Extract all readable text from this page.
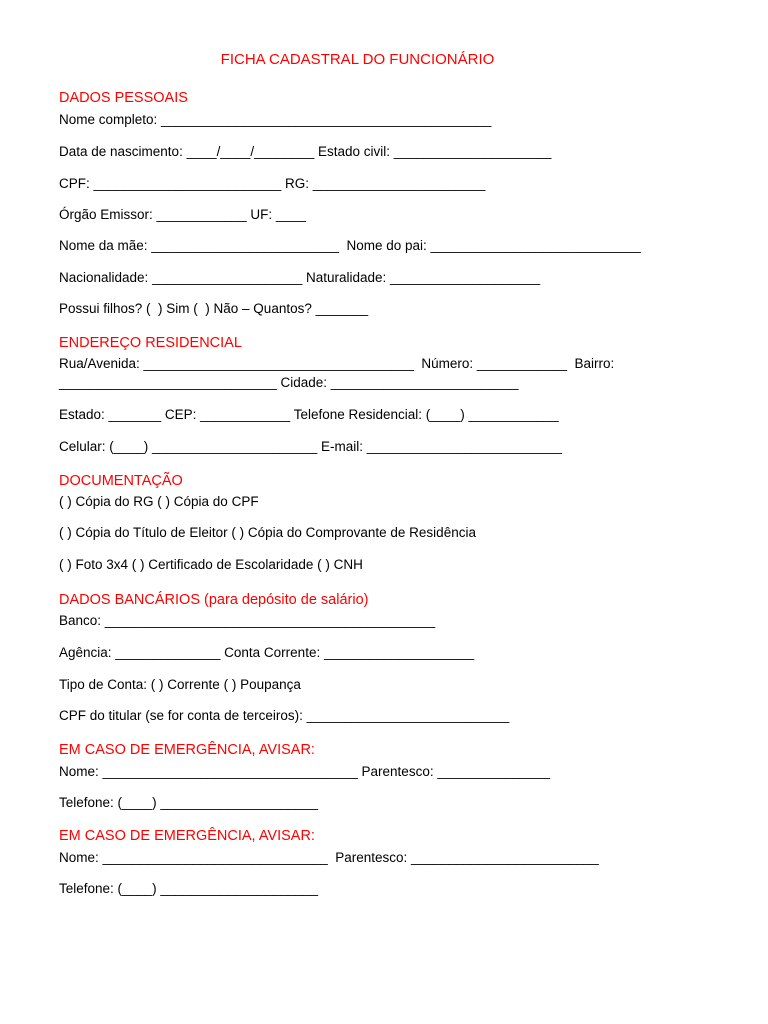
FICHA CADASTRAL DO FUNCIONÁRIO
DADOS PESSOAIS

Nome completo: ____________________________________________

Data de nascimento: ____/____/________ Estado civil: _____________________

CPF: _________________________ RG: _______________________

Órgão Emissor: ____________ UF: ____

Nome da mãe: _________________________  Nome do pai: ____________________________

Nacionalidade: ____________________ Naturalidade: ____________________

Possui filhos? (  ) Sim (  ) Não – Quantos? _______

ENDEREÇO RESIDENCIAL

Rua/Avenida: ____________________________________  Número: ____________  Bairro:

_____________________________ Cidade: _________________________

Estado: _______ CEP: ____________ Telefone Residencial: (____) ____________

Celular: (____) ______________________ E-mail: __________________________

DOCUMENTAÇÃO

( ) Cópia do RG ( ) Cópia do CPF

( ) Cópia do Título de Eleitor ( ) Cópia do Comprovante de Residência

( ) Foto 3x4 ( ) Certificado de Escolaridade ( ) CNH

DADOS BANCÁRIOS (para depósito de salário)

Banco: ____________________________________________

Agência: ______________ Conta Corrente: ____________________

Tipo de Conta: ( ) Corrente ( ) Poupança

CPF do titular (se for conta de terceiros): ___________________________

EM CASO DE EMERGÊNCIA, AVISAR:

Nome: __________________________________ Parentesco: _______________

Telefone: (____) _____________________

EM CASO DE EMERGÊNCIA, AVISAR:

Nome: ______________________________  Parentesco: _________________________

Telefone: (____) _____________________
